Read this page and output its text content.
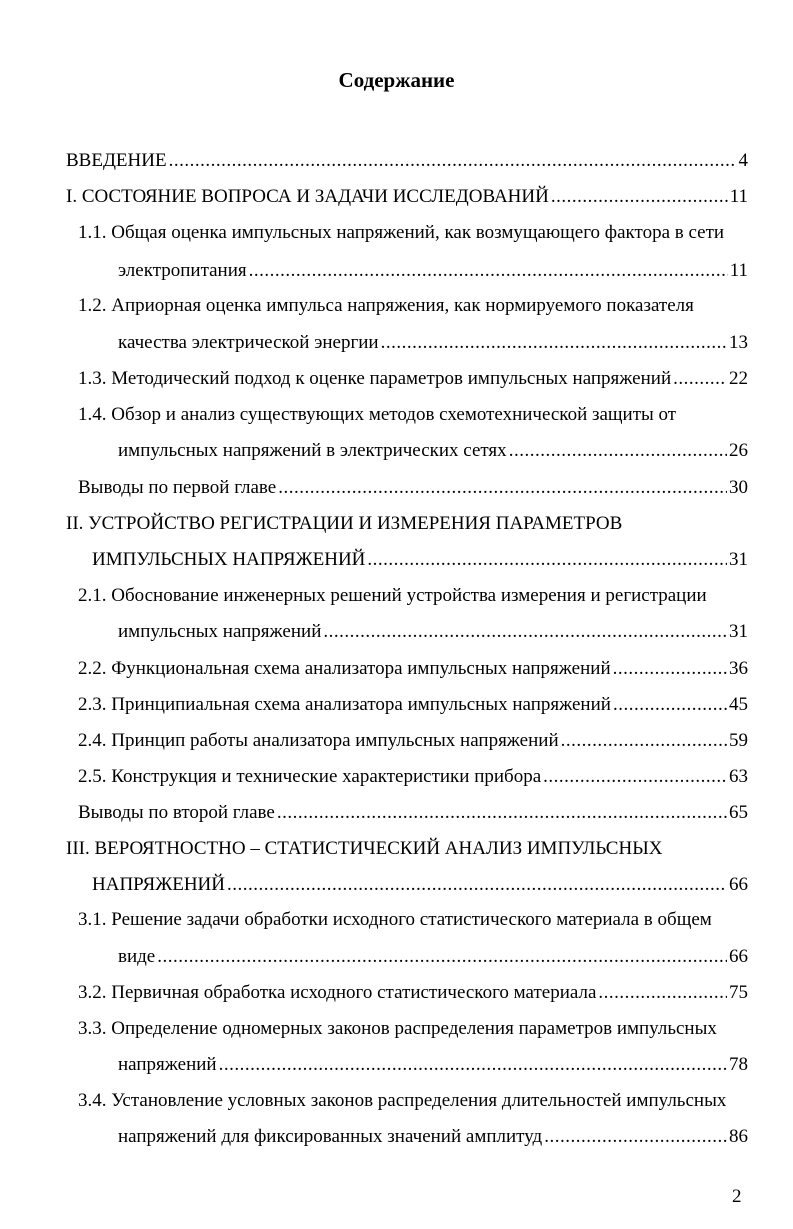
Содержание
ВВЕДЕНИЕ .....	4
I. СОСТОЯНИЕ ВОПРОСА И ЗАДАЧИ ИССЛЕДОВАНИЙ .....	11
1.1. Общая оценка импульсных напряжений, как возмущающего фактора в сети
электропитания .....	11
1.2. Априорная оценка импульса напряжения, как нормируемого показателя
качества электрической энергии .....	13
1.3. Методический подход к оценке параметров импульсных напряжений .....	22
1.4. Обзор и анализ существующих методов схемотехнической защиты от
импульсных напряжений в электрических сетях .....	26
Выводы по первой главе .....	30
II. УСТРОЙСТВО РЕГИСТРАЦИИ И ИЗМЕРЕНИЯ ПАРАМЕТРОВ
ИМПУЛЬСНЫХ НАПРЯЖЕНИЙ .....	31
2.1. Обоснование инженерных решений устройства измерения и регистрации
импульсных напряжений .....	31
2.2. Функциональная схема анализатора импульсных напряжений .....	36
2.3. Принципиальная схема анализатора импульсных напряжений .....	45
2.4. Принцип работы анализатора импульсных напряжений .....	59
2.5. Конструкция и технические характеристики прибора .....	63
Выводы по второй главе .....	65
III. ВЕРОЯТНОСТНО – СТАТИСТИЧЕСКИЙ АНАЛИЗ ИМПУЛЬСНЫХ
НАПРЯЖЕНИЙ .....	66
3.1. Решение задачи обработки исходного статистического материала в общем
виде .....	66
3.2. Первичная обработка исходного статистического материала .....	75
3.3. Определение одномерных законов распределения параметров импульсных
напряжений .....	78
3.4. Установление условных законов распределения длительностей импульсных
напряжений для фиксированных значений амплитуд .....	86
2
